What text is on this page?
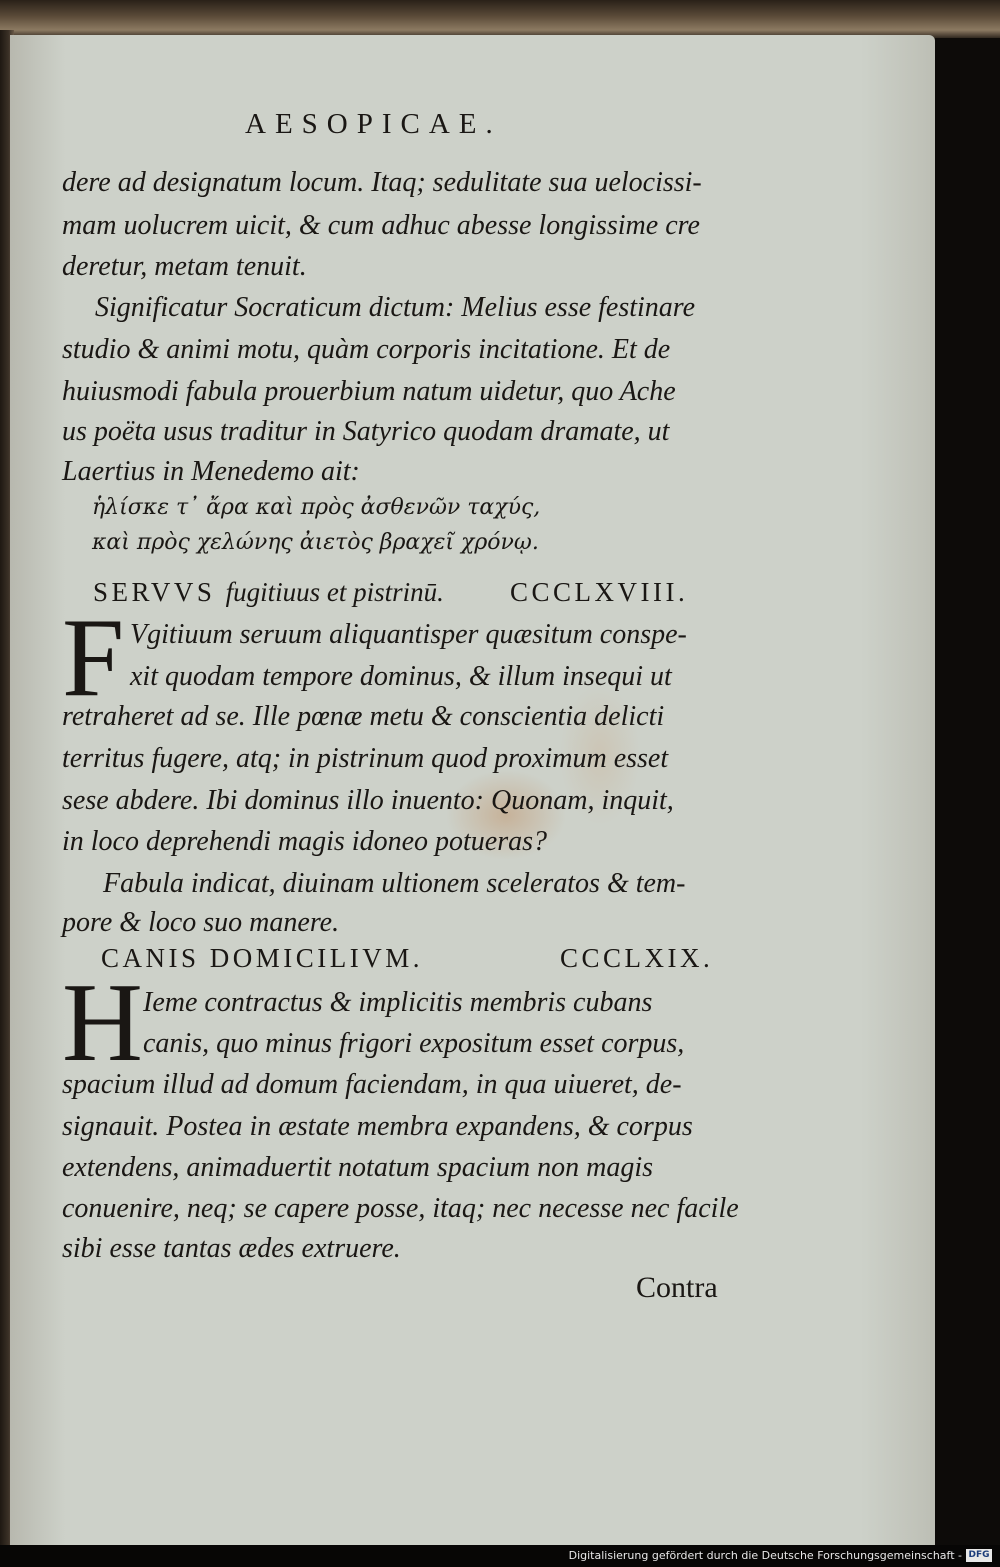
AESOPICAE.
dere ad designatum locum. Itaq; sedulitate sua uelocissi-
mam uolucrem uicit, & cum adhuc abesse longissime cre
deretur, metam tenuit.
Significatur Socraticum dictum: Melius esse festinare
studio & animi motu, quàm corporis incitatione. Et de
huiusmodi fabula prouerbium natum uidetur, quo Ache
us poëta usus traditur in Satyrico quodam dramate, ut
Laertius in Menedemo ait:
ἡλίσκε τ᾽ ἄρα καὶ πρὸς ἀσθενῶν ταχύς,
καὶ πρὸς χελώνης ἀιετὸς βραχεῖ χρόνῳ.
SERVVS fugitiuus et pistrinū. CCCLXVIII.
F Vgitiuum seruum aliquantisper quæsitum conspe-
xit quodam tempore dominus, & illum insequi ut
retraheret ad se. Ille pœnæ metu & conscientia delicti
territus fugere, atq; in pistrinum quod proximum esset
sese abdere. Ibi dominus illo inuento: Quonam, inquit,
in loco deprehendi magis idoneo potueras?
Fabula indicat, diuinam ultionem sceleratos & tem-
pore & loco suo manere.
CANIS DOMICILIVM.	CCCLXIX.
H Ieme contractus & implicitis membris cubans
canis, quo minus frigori expositum esset corpus,
spacium illud ad domum faciendam, in qua uiueret, de-
signauit. Postea in æstate membra expandens, & corpus
extendens, animaduertit notatum spacium non magis
conuenire, neq; se capere posse, itaq; nec necesse nec facile
sibi esse tantas ædes extruere.
Contra
Digitalisierung gefördert durch die Deutsche Forschungsgemeinschaft - DFG
